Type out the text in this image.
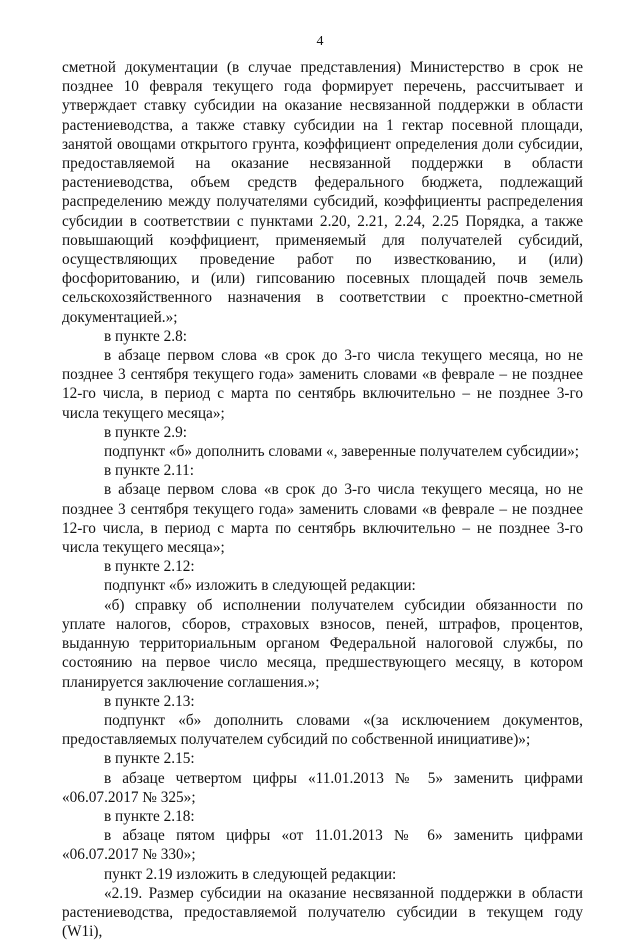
4

сметной документации (в случае представления) Министерство в срок не позднее 10 февраля текущего года формирует перечень, рассчитывает и утверждает ставку субсидии на оказание несвязанной поддержки в области растениеводства, а также ставку субсидии на 1 гектар посевной площади, занятой овощами открытого грунта, коэффициент определения доли субсидии, предоставляемой на оказание несвязанной поддержки в области растениеводства, объем средств федерального бюджета, подлежащий распределению между получателями субсидий, коэффициенты распределения субсидии в соответствии с пунктами 2.20, 2.21, 2.24, 2.25 Порядка, а также повышающий коэффициент, применяемый для получателей субсидий, осуществляющих проведение работ по известкованию, и (или) фосфоритованию, и (или) гипсованию посевных площадей почв земель сельскохозяйственного назначения в соответствии с проектно-сметной документацией.»;

в пункте 2.8:

в абзаце первом слова «в срок до 3-го числа текущего месяца, но не позднее 3 сентября текущего года» заменить словами «в феврале – не позднее 12-го числа, в период с марта по сентябрь включительно – не позднее 3-го числа текущего месяца»;

в пункте 2.9:

подпункт «б» дополнить словами «, заверенные получателем субсидии»;

в пункте 2.11:

в абзаце первом слова «в срок до 3-го числа текущего месяца, но не позднее 3 сентября текущего года» заменить словами «в феврале – не позднее 12-го числа, в период с марта по сентябрь включительно – не позднее 3-го числа текущего месяца»;

в пункте 2.12:

подпункт «б» изложить в следующей редакции:

«б) справку об исполнении получателем субсидии обязанности по уплате налогов, сборов, страховых взносов, пеней, штрафов, процентов, выданную территориальным органом Федеральной налоговой службы, по состоянию на первое число месяца, предшествующего месяцу, в котором планируется заключение соглашения.»;

в пункте 2.13:

подпункт «б» дополнить словами «(за исключением документов, предоставляемых получателем субсидий по собственной инициативе)»;

в пункте 2.15:

в абзаце четвертом цифры «11.01.2013 № 5» заменить цифрами «06.07.2017 № 325»;

в пункте 2.18:

в абзаце пятом цифры «от 11.01.2013 № 6» заменить цифрами «06.07.2017 № 330»;

пункт 2.19 изложить в следующей редакции:

«2.19. Размер субсидии на оказание несвязанной поддержки в области растениеводства, предоставляемой получателю субсидии в текущем году (W1i),
